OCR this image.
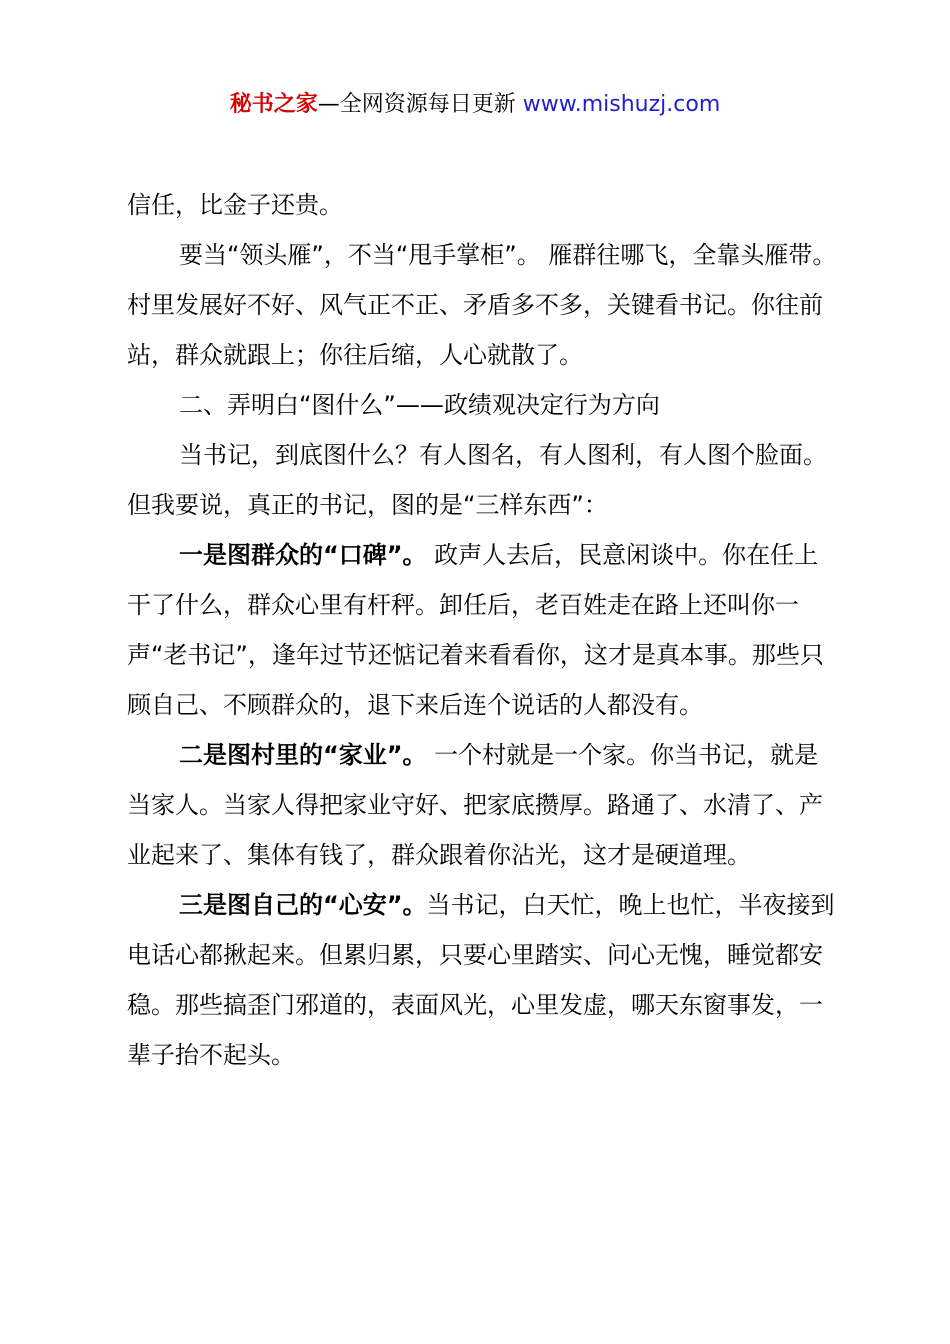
秘书之家—全网资源每日更新 www.mishuzj.com

信任，比金子还贵。

要当“领头雁”，不当“甩手掌柜”。 雁群往哪飞，全靠头雁带。村里发展好不好、风气正不正、矛盾多不多，关键看书记。你往前站，群众就跟上；你往后缩，人心就散了。

二、弄明白“图什么”——政绩观决定行为方向

当书记，到底图什么？有人图名，有人图利，有人图个脸面。但我要说，真正的书记，图的是“三样东西”：

一是图群众的“口碑”。 政声人去后，民意闲谈中。你在任上干了什么，群众心里有杆秤。卸任后，老百姓走在路上还叫你一声“老书记”，逢年过节还惦记着来看看你，这才是真本事。那些只顾自己、不顾群众的，退下来后连个说话的人都没有。

二是图村里的“家业”。 一个村就是一个家。你当书记，就是当家人。当家人得把家业守好、把家底攒厚。路通了、水清了、产业起来了、集体有钱了，群众跟着你沾光，这才是硬道理。

三是图自己的“心安”。当书记，白天忙，晚上也忙，半夜接到电话心都揪起来。但累归累，只要心里踏实、问心无愧，睡觉都安稳。那些搞歪门邪道的，表面风光，心里发虚，哪天东窗事发，一辈子抬不起头。
